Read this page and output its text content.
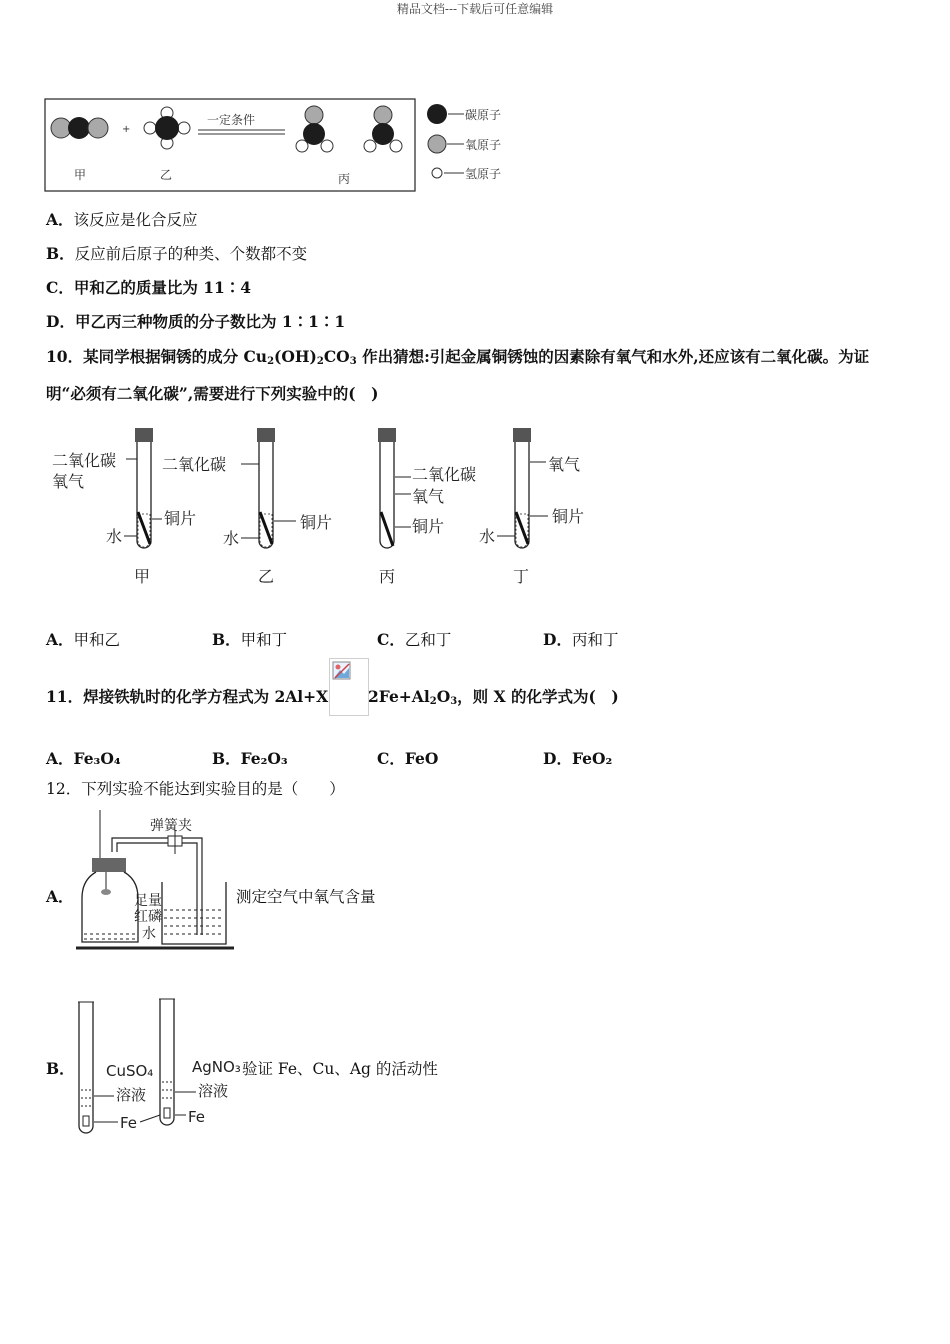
精品文档---下载后可任意编辑
+
一定条件
甲	乙	丙
碳原子
氧原子
氢原子
A．该反应是化合反应
B．反应前后原子的种类、个数都不变
C．甲和乙的质量比为 11∶4
D．甲乙丙三种物质的分子数比为 1∶1∶1
10．某同学根据铜锈的成分 $Cu_2(OH)_2CO_3$ 作出猜想:引起金属铜锈蚀的因素除有氧气和水外,还应该有二氧化碳。为证
明“必须有二氧化碳”,需要进行下列实验中的(　)
二氧化碳
氧气
铜片
水
甲
二氧化碳
铜片
水
乙
二氧化碳
氧气
铜片
丙
氧气
铜片
水
丁
A．甲和乙	B．甲和丁	C．乙和丁	D．丙和丁
11．焊接铁轨时的化学方程式为 2Al+X	$2Fe+Al_2O_3$，则 X 的化学式为(　)
A．Fe₃O₄	B．Fe₂O₃	C．FeO	D．FeO₂
12．下列实验不能达到实验目的是（　　）
A．
弹簧夹
足量
红磷
水
测定空气中氧气含量
B． CuSO₄
溶液
Fe
AgNO₃
溶液
Fe
验证 Fe、Cu、Ag 的活动性
